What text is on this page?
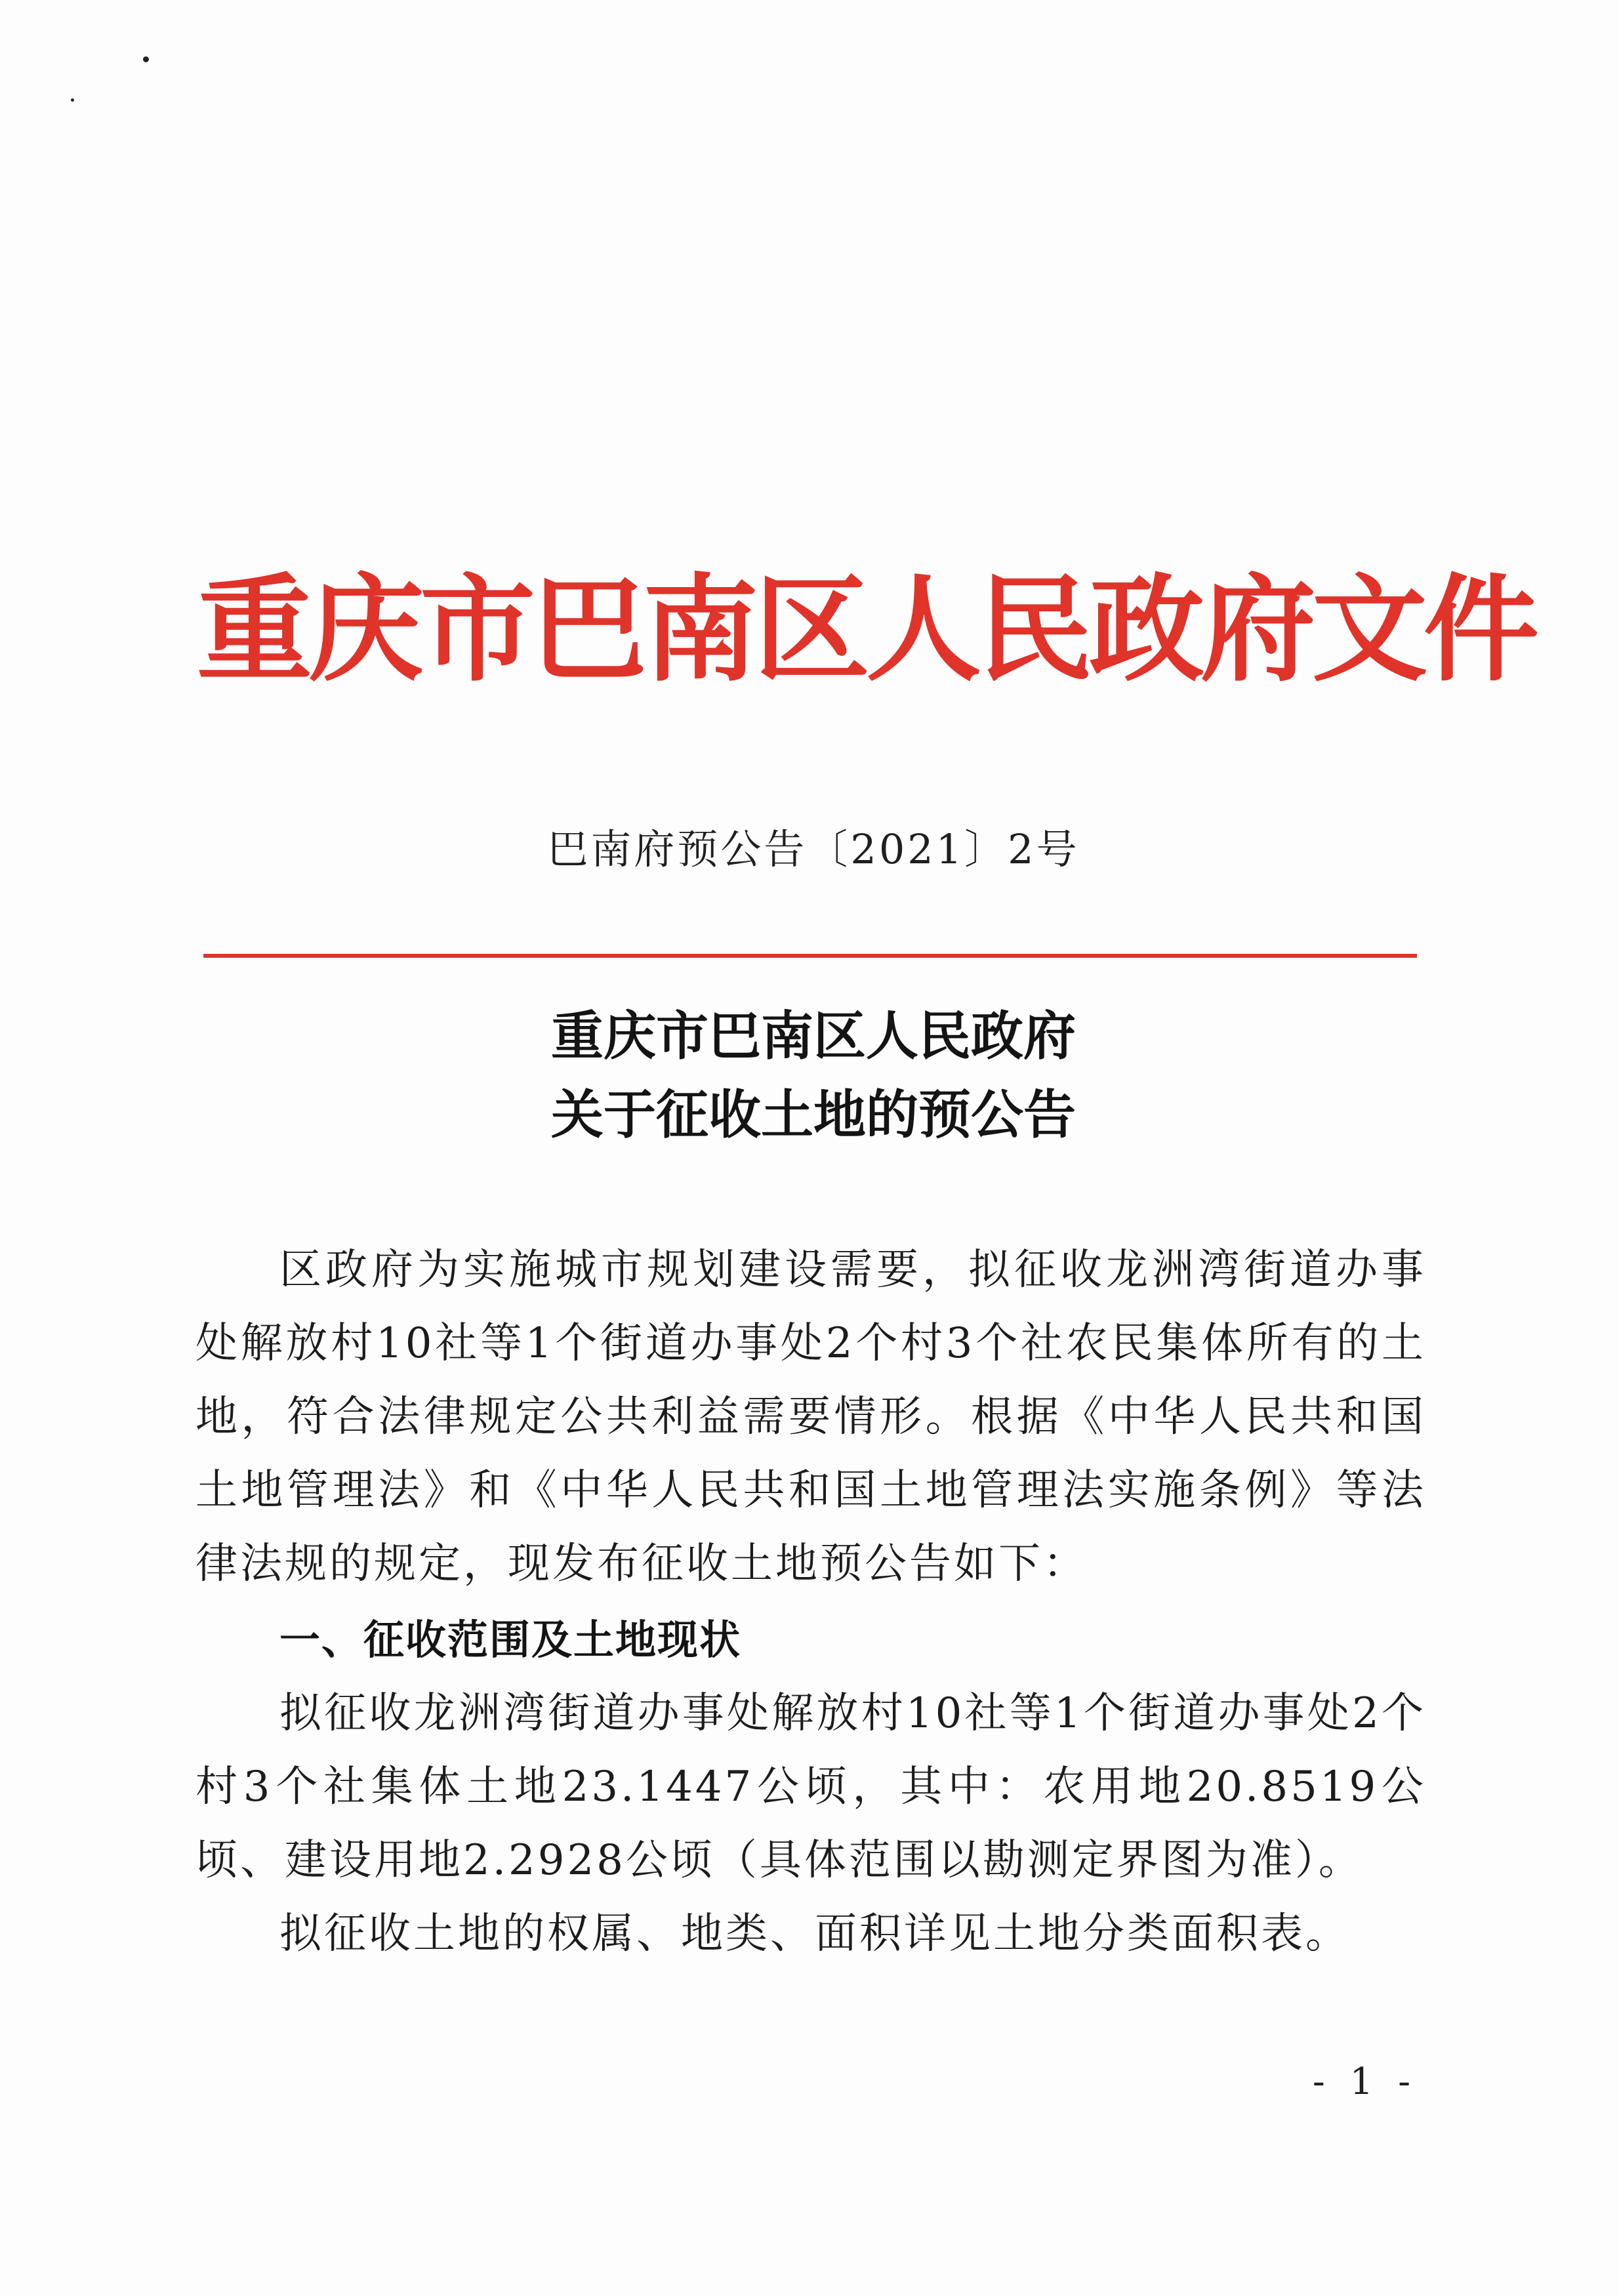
重庆市巴南区人民政府文件
巴南府预公告〔2021〕2号
重庆市巴南区人民政府
关于征收土地的预公告

区政府为实施城市规划建设需要，拟征收龙洲湾街道办事处解放村10社等1个街道办事处2个村3个社农民集体所有的土地，符合法律规定公共利益需要情形。根据《中华人民共和国土地管理法》和《中华人民共和国土地管理法实施条例》等法律法规的规定，现发布征收土地预公告如下：

一、征收范围及土地现状

拟征收龙洲湾街道办事处解放村10社等1个街道办事处2个村3个社集体土地23.1447公顷，其中：农用地20.8519公顷、建设用地2.2928公顷（具体范围以勘测定界图为准）。

拟征收土地的权属、地类、面积详见土地分类面积表。

- 1 -
